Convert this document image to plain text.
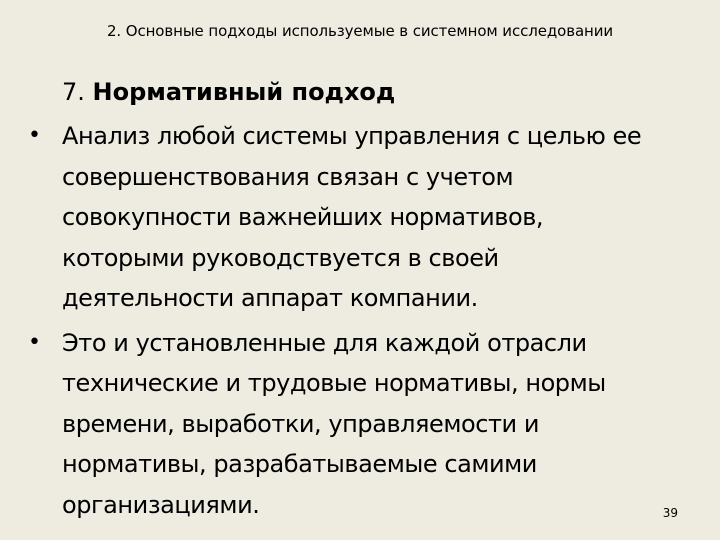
2. Основные подходы используемые в системном исследовании
7. Нормативный подход
• Анализ любой системы управления с целью ее
совершенствования связан с учетом
совокупности важнейших нормативов,
которыми руководствуется в своей
деятельности аппарат компании.
• Это и установленные для каждой отрасли
технические и трудовые нормативы, нормы
времени, выработки, управляемости и
нормативы, разрабатываемые самими
организациями.	39
